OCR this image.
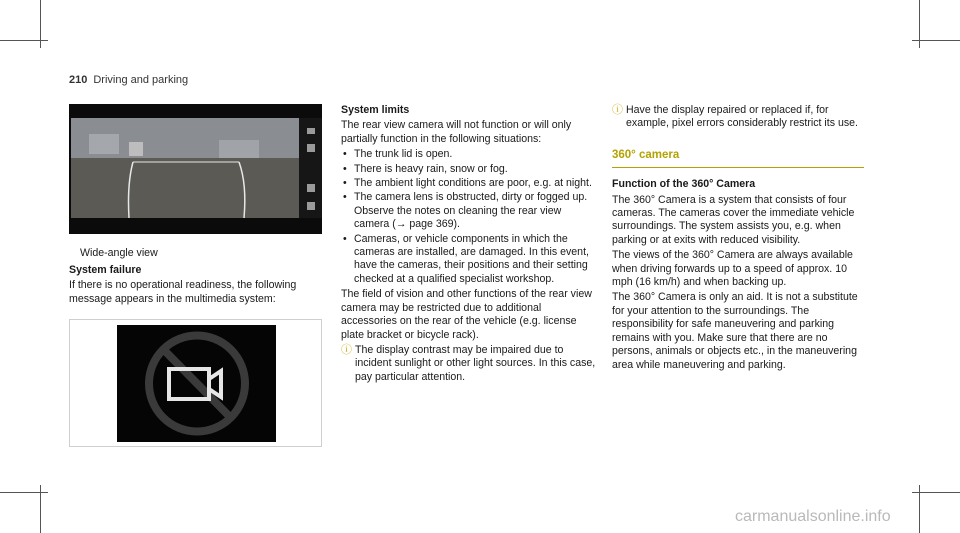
210 Driving and parking
Wide-angle view

System failure

If there is no operational readiness, the following message appears in the multimedia system:

System limits

The rear view camera will not function or will only partially function in the following situations:

• The trunk lid is open.
• There is heavy rain, snow or fog.
• The ambient light conditions are poor, e.g. at night.
• The camera lens is obstructed, dirty or fogged up. Observe the notes on cleaning the rear view camera (→ page 369).
• Cameras, or vehicle components in which the cameras are installed, are damaged. In this event, have the cameras, their positions and their setting checked at a qualified specialist workshop.

The field of vision and other functions of the rear view camera may be restricted due to additional accessories on the rear of the vehicle (e.g. license plate bracket or bicycle rack).

ⓘ The display contrast may be impaired due to incident sunlight or other light sources. In this case, pay particular attention.
ⓘ Have the display repaired or replaced if, for example, pixel errors considerably restrict its use.
360° camera

Function of the 360° Camera

The 360° Camera is a system that consists of four cameras. The cameras cover the immediate vehicle surroundings. The system assists you, e.g. when parking or at exits with reduced visibility.

The views of the 360° Camera are always available when driving forwards up to a speed of approx. 10 mph (16 km/h) and when backing up.

The 360° Camera is only an aid. It is not a substitute for your attention to the surroundings. The responsibility for safe maneuvering and parking remains with you. Make sure that there are no persons, animals or objects etc., in the maneuvering area while maneuvering and parking.

carmanualsonline.info
